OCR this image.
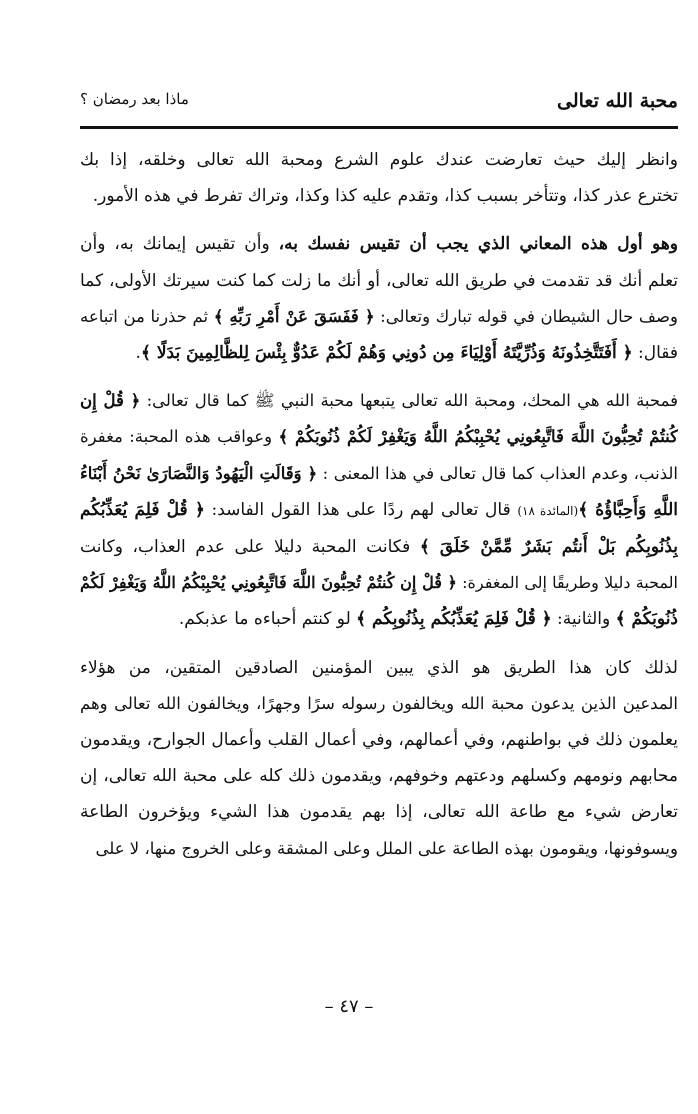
محبة الله تعالى
ماذا بعد رمضان ؟

وانظر إليك حيث تعارضت عندك علوم الشرع ومحبة الله تعالى وخلقه، إذا بك
تخترع عذر كذا، وتتأخر بسبب كذا، وتقدم عليه كذا وكذا، وتراك تفرط في هذه الأمور.

وهو أول هذه المعاني الذي يجب أن تقيس نفسك به، وأن تقيس إيمانك به، وأن
تعلم أنك قد تقدمت في طريق الله تعالى، أو أنك ما زلت كما كنت سيرتك الأولى، كما
وصف حال الشيطان في قوله تبارك وتعالى: ﴿ فَفَسَقَ عَنْ أَمْرِ رَبِّهِ ﴾ ثم حذرنا من اتباعه
فقال: ﴿ أَفَتَتَّخِذُونَهُ وَذُرِّيَّتَهُ أَوْلِيَاءَ مِن دُونِي وَهُمْ لَكُمْ عَدُوٌّ بِئْسَ لِلظَّالِمِينَ بَدَلًا ﴾.

فمحبة الله هي المحك، ومحبة الله تعالى يتبعها محبة النبي ﷺ كما قال تعالى: ﴿ قُلْ إِن
كُنتُمْ تُحِبُّونَ اللَّهَ فَاتَّبِعُونِي يُحْبِبْكُمُ اللَّهُ وَيَغْفِرْ لَكُمْ ذُنُوبَكُمْ ﴾ وعواقب هذه المحبة: مغفرة
الذنب، وعدم العذاب كما قال تعالى في هذا المعنى : ﴿ وَقَالَتِ الْيَهُودُ وَالنَّصَارَىٰ نَحْنُ أَبْنَاءُ
اللَّهِ وَأَحِبَّاؤُهُ ﴾(المائدة ١٨) قال تعالى لهم ردًا على هذا القول الفاسد: ﴿ قُلْ فَلِمَ يُعَذِّبُكُم
بِذُنُوبِكُم بَلْ أَنتُم بَشَرٌ مِّمَّنْ خَلَقَ ﴾ فكانت المحبة دليلا على عدم العذاب، وكانت
المحبة دليلا وطريقًا إلى المغفرة: ﴿ قُلْ إِن كُنتُمْ تُحِبُّونَ اللَّهَ فَاتَّبِعُونِي يُحْبِبْكُمُ اللَّهُ وَيَغْفِرْ لَكُمْ
ذُنُوبَكُمْ ﴾ والثانية: ﴿ قُلْ فَلِمَ يُعَذِّبُكُم بِذُنُوبِكُم ﴾ لو كنتم أحباءه ما عذبكم.

لذلك كان هذا الطريق هو الذي يبين المؤمنين الصادقين المتقين، من هؤلاء
المدعين الذين يدعون محبة الله ويخالفون رسوله سرًا وجهرًا، ويخالفون الله تعالى وهم
يعلمون ذلك في بواطنهم، وفي أعمالهم، وفي أعمال القلب وأعمال الجوارح، ويقدمون
محابهم ونومهم وكسلهم ودعتهم وخوفهم، ويقدمون ذلك كله على محبة الله تعالى، إن
تعارض شيء مع طاعة الله تعالى، إذا بهم يقدمون هذا الشيء ويؤخرون الطاعة
ويسوفونها، ويقومون بهذه الطاعة على الملل وعلى المشقة وعلى الخروج منها، لا على

– ٤٧ –
